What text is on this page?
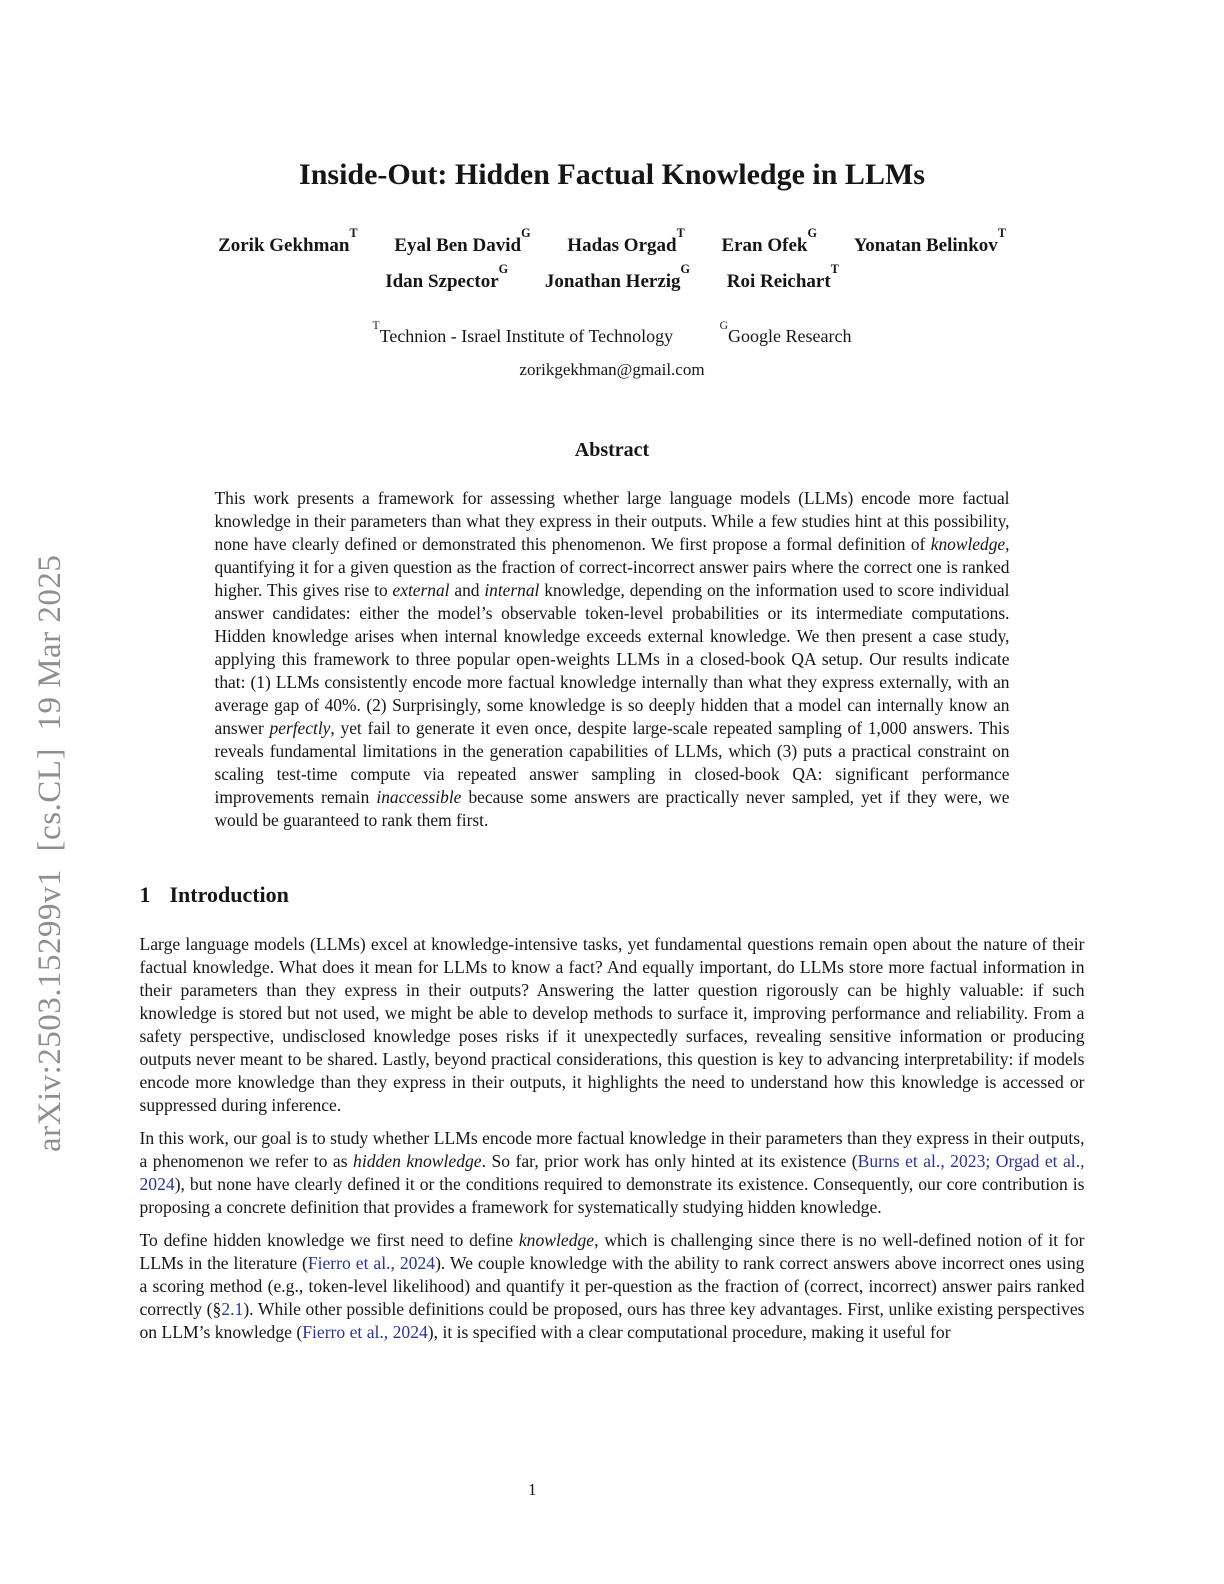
arXiv:2503.15299v1  [cs.CL]  19 Mar 2025
Inside-Out: Hidden Factual Knowledge in LLMs
Zorik Gekhman$^T$ Eyal Ben David$^G$ Hadas Orgad$^T$ Eran Ofek$^G$ Yonatan Belinkov$^T$
Idan Szpector$^G$ Jonathan Herzig$^G$ Roi Reichart$^T$
$^T$Technion - Israel Institute of Technology $^G$Google Research
zorikgekhman@gmail.com
Abstract
This work presents a framework for assessing whether large language models (LLMs) encode more factual knowledge in their parameters than what they express in their outputs. While a few studies hint at this possibility, none have clearly defined or demonstrated this phenomenon. We first propose a formal definition of knowledge, quantifying it for a given question as the fraction of correct-incorrect answer pairs where the correct one is ranked higher. This gives rise to external and internal knowledge, depending on the information used to score individual answer candidates: either the model’s observable token-level probabilities or its intermediate computations. Hidden knowledge arises when internal knowledge exceeds external knowledge. We then present a case study, applying this framework to three popular open-weights LLMs in a closed-book QA setup. Our results indicate that: (1) LLMs consistently encode more factual knowledge internally than what they express externally, with an average gap of 40%. (2) Surprisingly, some knowledge is so deeply hidden that a model can internally know an answer perfectly, yet fail to generate it even once, despite large-scale repeated sampling of 1,000 answers. This reveals fundamental limitations in the generation capabilities of LLMs, which (3) puts a practical constraint on scaling test-time compute via repeated answer sampling in closed-book QA: significant performance improvements remain inaccessible because some answers are practically never sampled, yet if they were, we would be guaranteed to rank them first.
1 Introduction

Large language models (LLMs) excel at knowledge-intensive tasks, yet fundamental questions remain open about the nature of their factual knowledge. What does it mean for LLMs to know a fact? And equally important, do LLMs store more factual information in their parameters than they express in their outputs? Answering the latter question rigorously can be highly valuable: if such knowledge is stored but not used, we might be able to develop methods to surface it, improving performance and reliability. From a safety perspective, undisclosed knowledge poses risks if it unexpectedly surfaces, revealing sensitive information or producing outputs never meant to be shared. Lastly, beyond practical considerations, this question is key to advancing interpretability: if models encode more knowledge than they express in their outputs, it highlights the need to understand how this knowledge is accessed or suppressed during inference.

In this work, our goal is to study whether LLMs encode more factual knowledge in their parameters than they express in their outputs, a phenomenon we refer to as hidden knowledge. So far, prior work has only hinted at its existence (Burns et al., 2023; Orgad et al., 2024), but none have clearly defined it or the conditions required to demonstrate its existence. Consequently, our core contribution is proposing a concrete definition that provides a framework for systematically studying hidden knowledge.

To define hidden knowledge we first need to define knowledge, which is challenging since there is no well-defined notion of it for LLMs in the literature (Fierro et al., 2024). We couple knowledge with the ability to rank correct answers above incorrect ones using a scoring method (e.g., token-level likelihood) and quantify it per-question as the fraction of (correct, incorrect) answer pairs ranked correctly (§2.1). While other possible definitions could be proposed, ours has three key advantages. First, unlike existing perspectives on LLM’s knowledge (Fierro et al., 2024), it is specified with a clear computational procedure, making it useful for

1
